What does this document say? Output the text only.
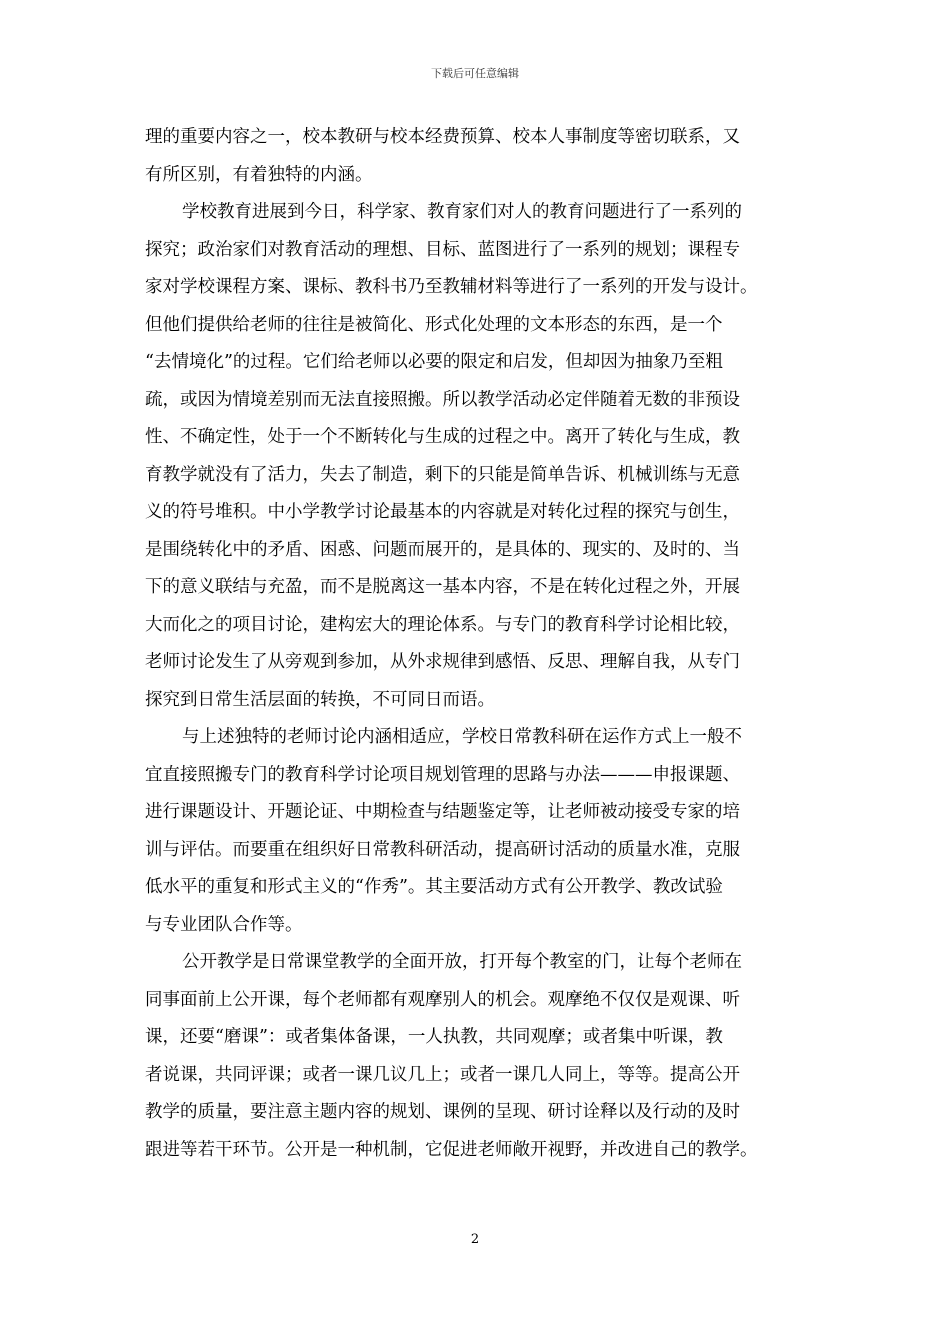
下载后可任意编辑
理的重要内容之一，校本教研与校本经费预算、校本人事制度等密切联系，又
有所区别，有着独特的内涵。
学校教育进展到今日，科学家、教育家们对人的教育问题进行了一系列的
探究；政治家们对教育活动的理想、目标、蓝图进行了一系列的规划；课程专
家对学校课程方案、课标、教科书乃至教辅材料等进行了一系列的开发与设计。
但他们提供给老师的往往是被简化、形式化处理的文本形态的东西，是一个
“去情境化”的过程。它们给老师以必要的限定和启发，但却因为抽象乃至粗
疏，或因为情境差别而无法直接照搬。所以教学活动必定伴随着无数的非预设
性、不确定性，处于一个不断转化与生成的过程之中。离开了转化与生成，教
育教学就没有了活力，失去了制造，剩下的只能是简单告诉、机械训练与无意
义的符号堆积。中小学教学讨论最基本的内容就是对转化过程的探究与创生，
是围绕转化中的矛盾、困惑、问题而展开的，是具体的、现实的、及时的、当
下的意义联结与充盈，而不是脱离这一基本内容，不是在转化过程之外，开展
大而化之的项目讨论，建构宏大的理论体系。与专门的教育科学讨论相比较，
老师讨论发生了从旁观到参加，从外求规律到感悟、反思、理解自我，从专门
探究到日常生活层面的转换，不可同日而语。
与上述独特的老师讨论内涵相适应，学校日常教科研在运作方式上一般不
宜直接照搬专门的教育科学讨论项目规划管理的思路与办法———申报课题、
进行课题设计、开题论证、中期检查与结题鉴定等，让老师被动接受专家的培
训与评估。而要重在组织好日常教科研活动，提高研讨活动的质量水准，克服
低水平的重复和形式主义的“作秀”。其主要活动方式有公开教学、教改试验
与专业团队合作等。
公开教学是日常课堂教学的全面开放，打开每个教室的门，让每个老师在
同事面前上公开课，每个老师都有观摩别人的机会。观摩绝不仅仅是观课、听
课，还要“磨课”：或者集体备课，一人执教，共同观摩；或者集中听课，教
者说课，共同评课；或者一课几议几上；或者一课几人同上，等等。提高公开
教学的质量，要注意主题内容的规划、课例的呈现、研讨诠释以及行动的及时
跟进等若干环节。公开是一种机制，它促进老师敞开视野，并改进自己的教学。
2
